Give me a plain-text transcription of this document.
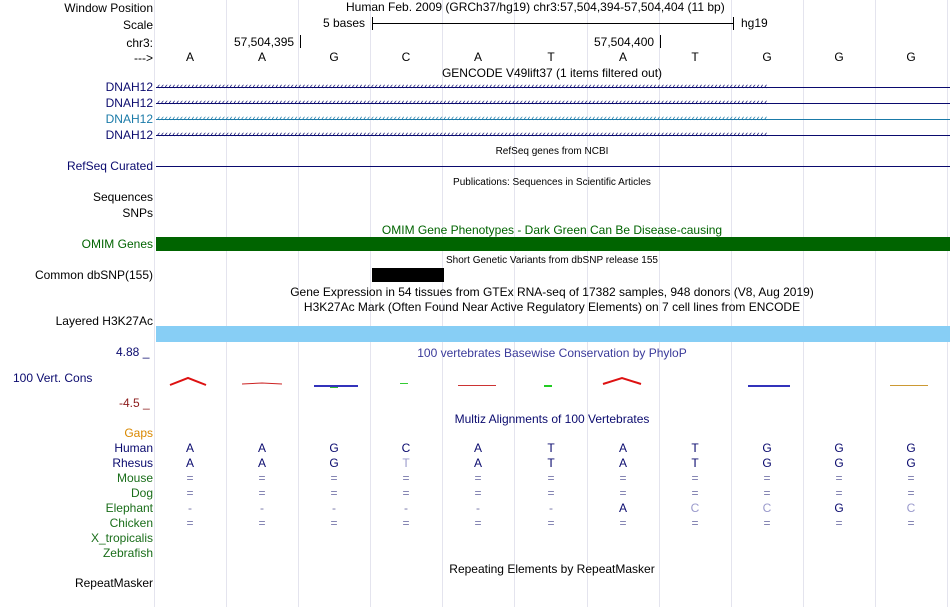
Window Position	Human Feb. 2009 (GRCh37/hg19) chr3:57,504,394-57,504,404 (11 bp)
Scale	5 bases	hg19
chr3:	57,504,395	57,504,400
--->	A	A	G	C	A	T	A	T	G	G	G
GENCODE V49lift37 (1 items filtered out)
DNAH12 ‹‹‹‹‹‹‹‹‹‹‹‹‹‹‹‹‹‹‹‹‹‹‹‹‹‹‹‹‹‹‹‹‹‹‹‹‹‹‹‹‹‹‹‹‹‹‹‹‹‹‹‹‹‹‹‹‹‹‹‹‹‹‹‹‹‹‹‹‹‹‹‹‹‹‹‹‹‹‹‹‹‹‹‹‹‹‹‹‹‹‹‹‹‹‹‹‹‹‹‹‹‹‹‹‹‹‹‹‹‹‹‹‹‹‹‹‹‹‹‹‹‹‹‹‹‹‹‹‹‹‹‹‹‹‹‹‹‹‹‹‹‹‹‹‹‹‹‹‹‹‹‹‹‹‹‹‹‹‹‹
DNAH12 ‹‹‹‹‹‹‹‹‹‹‹‹‹‹‹‹‹‹‹‹‹‹‹‹‹‹‹‹‹‹‹‹‹‹‹‹‹‹‹‹‹‹‹‹‹‹‹‹‹‹‹‹‹‹‹‹‹‹‹‹‹‹‹‹‹‹‹‹‹‹‹‹‹‹‹‹‹‹‹‹‹‹‹‹‹‹‹‹‹‹‹‹‹‹‹‹‹‹‹‹‹‹‹‹‹‹‹‹‹‹‹‹‹‹‹‹‹‹‹‹‹‹‹‹‹‹‹‹‹‹‹‹‹‹‹‹‹‹‹‹‹‹‹‹‹‹‹‹‹‹‹‹‹‹‹‹‹‹‹‹
DNAH12 ‹‹‹‹‹‹‹‹‹‹‹‹‹‹‹‹‹‹‹‹‹‹‹‹‹‹‹‹‹‹‹‹‹‹‹‹‹‹‹‹‹‹‹‹‹‹‹‹‹‹‹‹‹‹‹‹‹‹‹‹‹‹‹‹‹‹‹‹‹‹‹‹‹‹‹‹‹‹‹‹‹‹‹‹‹‹‹‹‹‹‹‹‹‹‹‹‹‹‹‹‹‹‹‹‹‹‹‹‹‹‹‹‹‹‹‹‹‹‹‹‹‹‹‹‹‹‹‹‹‹‹‹‹‹‹‹‹‹‹‹‹‹‹‹‹‹‹‹‹‹‹‹‹‹‹‹‹‹‹‹
DNAH12 ‹‹‹‹‹‹‹‹‹‹‹‹‹‹‹‹‹‹‹‹‹‹‹‹‹‹‹‹‹‹‹‹‹‹‹‹‹‹‹‹‹‹‹‹‹‹‹‹‹‹‹‹‹‹‹‹‹‹‹‹‹‹‹‹‹‹‹‹‹‹‹‹‹‹‹‹‹‹‹‹‹‹‹‹‹‹‹‹‹‹‹‹‹‹‹‹‹‹‹‹‹‹‹‹‹‹‹‹‹‹‹‹‹‹‹‹‹‹‹‹‹‹‹‹‹‹‹‹‹‹‹‹‹‹‹‹‹‹‹‹‹‹‹‹‹‹‹‹‹‹‹‹‹‹‹‹‹‹‹‹
RefSeq Curated
RefSeq genes from NCBI
Publications: Sequences in Scientific Articles
Sequences
SNPs
OMIM Gene Phenotypes - Dark Green Can Be Disease-causing
OMIM Genes
Short Genetic Variants from dbSNP release 155
Common dbSNP(155)
Gene Expression in 54 tissues from GTEx RNA-seq of 17382 samples, 948 donors (V8, Aug 2019)
H3K27Ac Mark (Often Found Near Active Regulatory Elements) on 7 cell lines from ENCODE
Layered H3K27Ac
4.88 _	100 vertebrates Basewise Conservation by PhyloP
100 Vert. Cons
-4.5 _
Multiz Alignments of 100 Vertebrates
Gaps
Human	A	A	G	C	A	T	A	T	G	G	G
Rhesus	A	A	G	T	A	T	A	T	G	G	G
Mouse	=	=	=	=	=	=	=	=	=	=	=
Dog	=	=	=	=	=	=	=	=	=	=	=
Elephant	-	-	-	-	-	-	A	C	C	G	C
Chicken	=	=	=	=	=	=	=	=	=	=	=
X_tropicalis
Zebrafish
Repeating Elements by RepeatMasker
RepeatMasker
